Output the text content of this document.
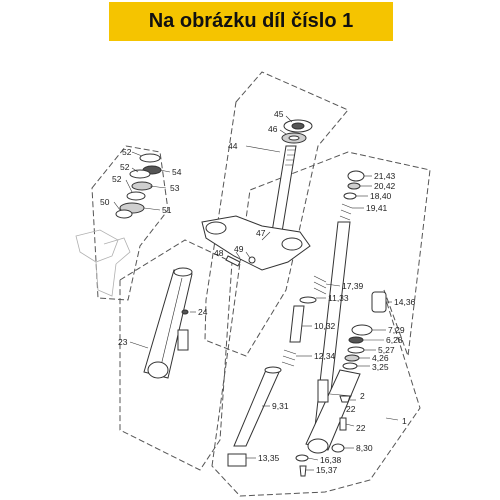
Na obrázku díl číslo 1
45
46
44
47
48 49
52
54
52
53
52
50
51
24
23
21,43
20,42
18,40
19,41
17,39
11,33
10,32
12,34
9,31
13,35
14,36
7,29
6,28
5,27
4,26
3,25
2
22
22
1
8,30
16,38
15,37
